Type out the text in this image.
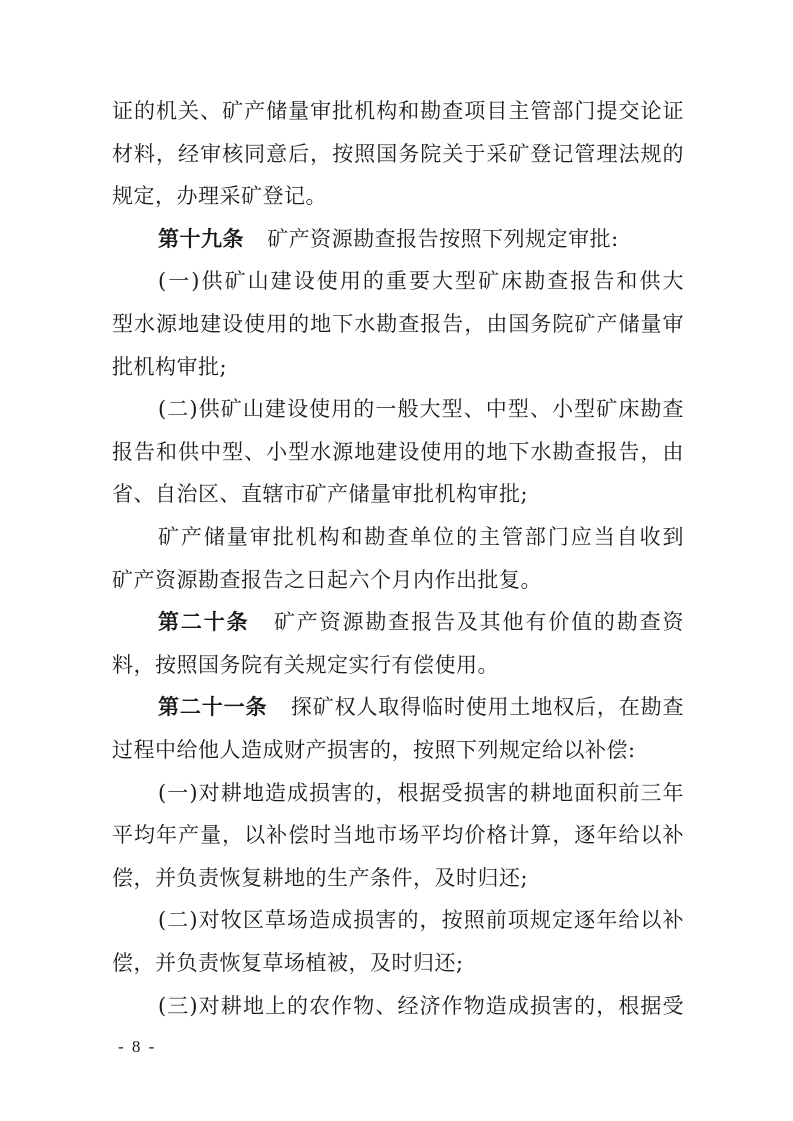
证的机关、矿产储量审批机构和勘查项目主管部门提交论证
材料，经审核同意后，按照国务院关于采矿登记管理法规的
规定，办理采矿登记。
第十九条 矿产资源勘查报告按照下列规定审批:
(一)供矿山建设使用的重要大型矿床勘查报告和供大
型水源地建设使用的地下水勘查报告，由国务院矿产储量审
批机构审批;
(二)供矿山建设使用的一般大型、中型、小型矿床勘查
报告和供中型、小型水源地建设使用的地下水勘查报告，由
省、自治区、直辖市矿产储量审批机构审批;
矿产储量审批机构和勘查单位的主管部门应当自收到
矿产资源勘查报告之日起六个月内作出批复。
第二十条 矿产资源勘查报告及其他有价值的勘查资
料，按照国务院有关规定实行有偿使用。
第二十一条 探矿权人取得临时使用土地权后，在勘查
过程中给他人造成财产损害的，按照下列规定给以补偿:
(一)对耕地造成损害的，根据受损害的耕地面积前三年
平均年产量，以补偿时当地市场平均价格计算，逐年给以补
偿，并负责恢复耕地的生产条件，及时归还;
(二)对牧区草场造成损害的，按照前项规定逐年给以补
偿，并负责恢复草场植被，及时归还;
- 8 -
(三)对耕地上的农作物、经济作物造成损害的，根据受
